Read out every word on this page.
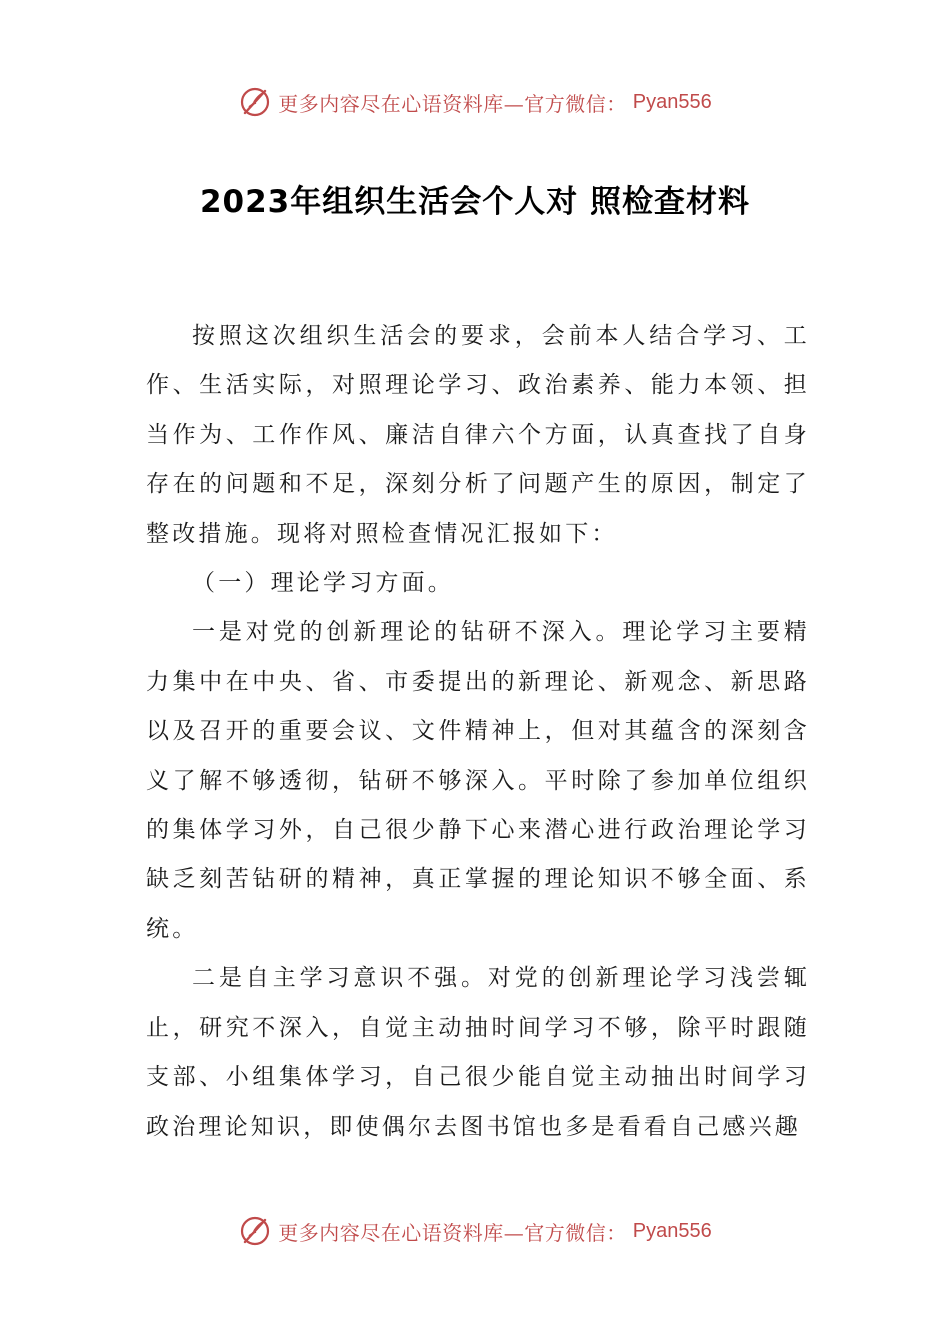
更多内容尽在心语资料库—官方微信： Pyan556
2023年组织生活会个人对 照检查材料

按照这次组织生活会的要求，会前本人结合学习、工作、生活实际，对照理论学习、政治素养、能力本领、担当作为、工作作风、廉洁自律六个方面，认真查找了自身存在的问题和不足，深刻分析了问题产生的原因，制定了整改措施。现将对照检查情况汇报如下：

（一）理论学习方面。

一是对党的创新理论的钻研不深入。理论学习主要精力集中在中央、省、市委提出的新理论、新观念、新思路以及召开的重要会议、文件精神上，但对其蕴含的深刻含义了解不够透彻，钻研不够深入。平时除了参加单位组织的集体学习外，自己很少静下心来潜心进行政治理论学习缺乏刻苦钻研的精神，真正掌握的理论知识不够全面、系统。

二是自主学习意识不强。对党的创新理论学习浅尝辄止，研究不深入，自觉主动抽时间学习不够，除平时跟随支部、小组集体学习，自己很少能自觉主动抽出时间学习政治理论知识，即使偶尔去图书馆也多是看看自己感兴趣

更多内容尽在心语资料库—官方微信： Pyan556
